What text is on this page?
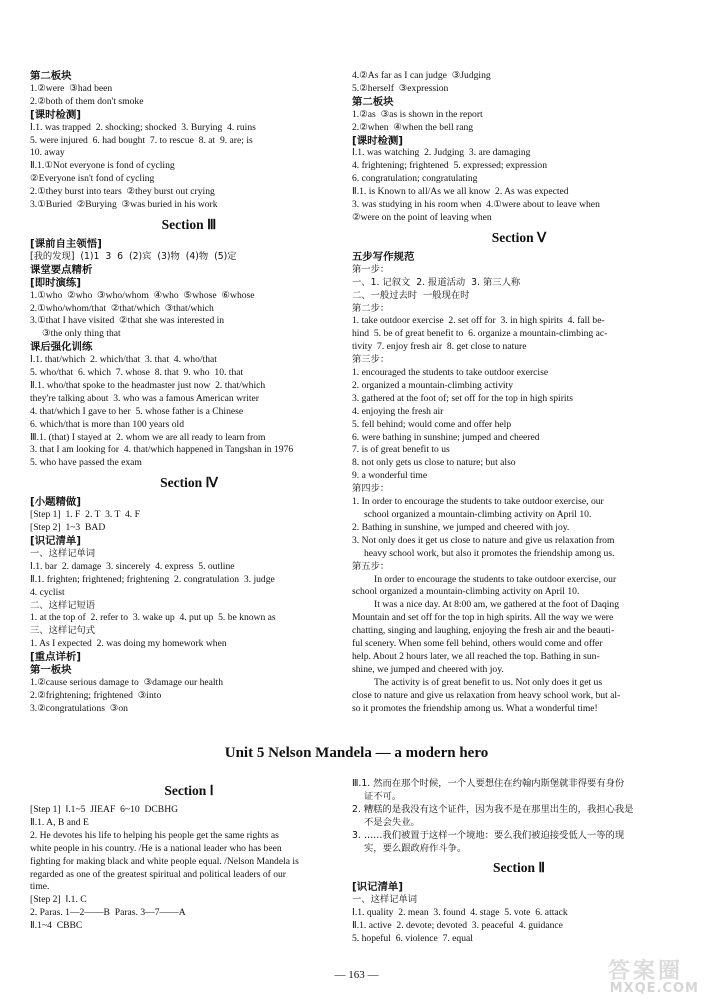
第二板块
1.②were  ③had been
2.②both of them don't smoke
[课时检测]
Ⅰ.1. was trapped  2. shocking; shocked  3. Burying  4. ruins
5. were injured  6. had bought  7. to rescue  8. at  9. are; is
10. away
Ⅱ.1.①Not everyone is fond of cycling
②Everyone isn't fond of cycling
2.①they burst into tears  ②they burst out crying
3.①Buried  ②Burying  ③was buried in his work
Section Ⅲ
[课前自主领悟]
[我的发现]  (1)1  3  6  (2)宾  (3)物  (4)物  (5)定
课堂要点精析
[即时演练]
1.①who  ②who  ③who/whom  ④who  ⑤whose  ⑥whose
2.①who/whom/that  ②that/which  ③that/which
3.①that I have visited  ②that she was interested in
③the only thing that
课后强化训练
Ⅰ.1. that/which  2. which/that  3. that  4. who/that
5. who/that  6. which  7. whose  8. that  9. who  10. that
Ⅱ.1. who/that spoke to the headmaster just now  2. that/which
they're talking about  3. who was a famous American writer
4. that/which I gave to her  5. whose father is a Chinese
6. which/that is more than 100 years old
Ⅲ.1. (that) I stayed at  2. whom we are all ready to learn from
3. that I am looking for  4. that/which happened in Tangshan in 1976
5. who have passed the exam
Section Ⅳ
[小题精做]
[Step 1]  1. F  2. T  3. T  4. F
[Step 2]  1~3  BAD
[识记清单]
一、这样记单词
Ⅰ.1. bar  2. damage  3. sincerely  4. express  5. outline
Ⅱ.1. frighten; frightened; frightening  2. congratulation  3. judge
4. cyclist
二、这样记短语
1. at the top of  2. refer to  3. wake up  4. put up  5. be known as
三、这样记句式
1. As I expected  2. was doing my homework when
[重点详析]
第一板块
1.②cause serious damage to  ③damage our health
2.②frightening; frightened  ③into
3.②congratulations  ③on
4.②As far as I can judge  ③Judging
5.②herself  ③expression
第二板块
1.②as  ③as is shown in the report
2.②when  ④when the bell rang
[课时检测]
Ⅰ.1. was watching  2. Judging  3. are damaging
4. frightening; frightened  5. expressed; expression
6. congratulation; congratulating
Ⅱ.1. is Known to all/As we all know  2. As was expected
3. was studying in his room when  4.①were about to leave when
②were on the point of leaving when
Section Ⅴ
五步写作规范
第一步：
一、1. 记叙文  2. 报道活动  3. 第三人称
二、一般过去时  一般现在时
第二步：
1. take outdoor exercise  2. set off for  3. in high spirits  4. fall be-
hind  5. be of great benefit to  6. organize a mountain-climbing ac-
tivity  7. enjoy fresh air  8. get close to nature
第三步：
1. encouraged the students to take outdoor exercise
2. organized a mountain-climbing activity
3. gathered at the foot of; set off for the top in high spirits
4. enjoying the fresh air
5. fell behind; would come and offer help
6. were bathing in sunshine; jumped and cheered
7. is of great benefit to us
8. not only gets us close to nature; but also
9. a wonderful time
第四步：
1. In order to encourage the students to take outdoor exercise, our
school organized a mountain-climbing activity on April 10.
2. Bathing in sunshine, we jumped and cheered with joy.
3. Not only does it get us close to nature and give us relaxation from
heavy school work, but also it promotes the friendship among us.
第五步：
In order to encourage the students to take outdoor exercise, our
school organized a mountain-climbing activity on April 10.
It was a nice day. At 8:00 am, we gathered at the foot of Daqing
Mountain and set off for the top in high spirits. All the way we were
chatting, singing and laughing, enjoying the fresh air and the beauti-
ful scenery. When some fell behind, others would come and offer
help. About 2 hours later, we all reached the top. Bathing in sun-
shine, we jumped and cheered with joy.
The activity is of great benefit to us. Not only does it get us
close to nature and give us relaxation from heavy school work, but al-
so it promotes the friendship among us. What a wonderful time!
Unit 5 Nelson Mandela — a modern hero
Section Ⅰ
[Step 1]  Ⅰ.1~5  JIEAF  6~10  DCBHG
Ⅱ.1. A, B and E
2. He devotes his life to helping his people get the same rights as
white people in his country. /He is a national leader who has been
fighting for making black and white people equal. /Nelson Mandela is
regarded as one of the greatest spiritual and political leaders of our
time.
[Step 2]  Ⅰ.1. C
2. Paras. 1—2——B  Paras. 3—7——A
Ⅱ.1~4  CBBC
Ⅲ.1. 然而在那个时候，一个人要想住在约翰内斯堡就非得要有身份
证不可。
2. 糟糕的是我没有这个证件，因为我不是在那里出生的，我担心我是
不是会失业。
3. ……我们被置于这样一个境地：要么我们被迫接受低人一等的现
实，要么跟政府作斗争。
Section Ⅱ
[识记清单]
一、这样记单词
Ⅰ.1. quality  2. mean  3. found  4. stage  5. vote  6. attack
Ⅱ.1. active  2. devote; devoted  3. peaceful  4. guidance
5. hopeful  6. violence  7. equal
— 163 —	答案圈
MXQE.COM
